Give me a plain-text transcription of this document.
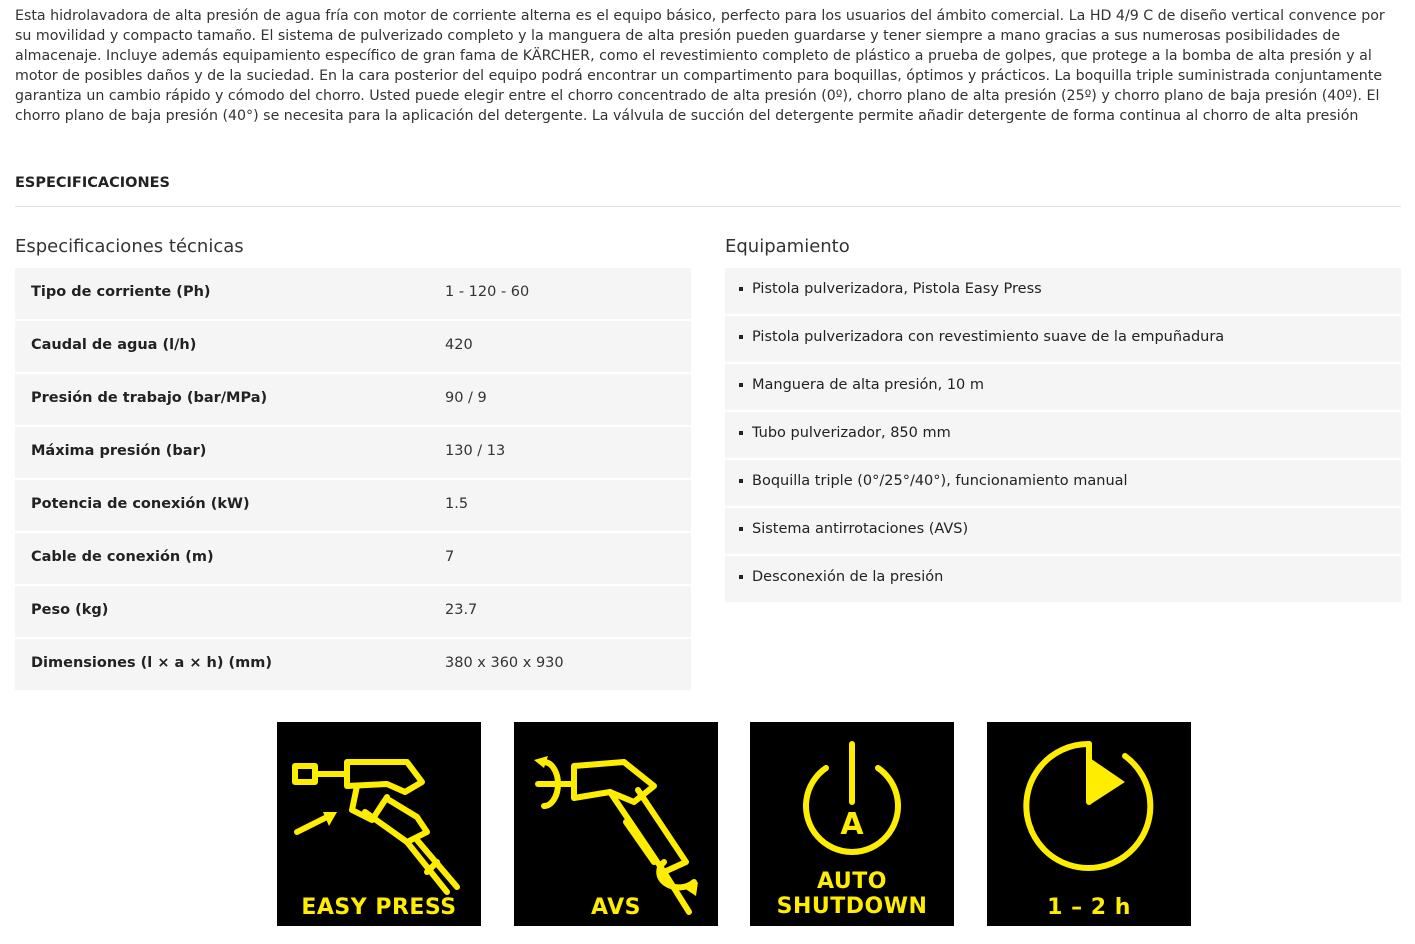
Esta hidrolavadora de alta presión de agua fría con motor de corriente alterna es el equipo básico, perfecto para los usuarios del ámbito comercial. La HD 4/9 C de diseño vertical convence por su movilidad y compacto tamaño. El sistema de pulverizado completo y la manguera de alta presión pueden guardarse y tener siempre a mano gracias a sus numerosas posibilidades de almacenaje. Incluye además equipamiento específico de gran fama de KÄRCHER, como el revestimiento completo de plástico a prueba de golpes, que protege a la bomba de alta presión y al motor de posibles daños y de la suciedad. En la cara posterior del equipo podrá encontrar un compartimento para boquillas, óptimos y prácticos. La boquilla triple suministrada conjuntamente garantiza un cambio rápido y cómodo del chorro. Usted puede elegir entre el chorro concentrado de alta presión (0º), chorro plano de alta presión (25º) y chorro plano de baja presión (40º). El chorro plano de baja presión (40°) se necesita para la aplicación del detergente. La válvula de succión del detergente permite añadir detergente de forma continua al chorro de alta presión

ESPECIFICACIONES
Especificaciones técnicas	Equipamiento
Tipo de corriente (Ph)	1 - 120 - 60
Caudal de agua (l/h)	420
Presión de trabajo (bar/MPa)	90 / 9
Máxima presión (bar)	130 / 13
Potencia de conexión (kW)	1.5
Cable de conexión (m)	7
Peso (kg)	23.7
Dimensiones (l × a × h) (mm)	380 x 360 x 930
Pistola pulverizadora, Pistola Easy Press
Pistola pulverizadora con revestimiento suave de la empuñadura
Manguera de alta presión, 10 m
Tubo pulverizador, 850 mm
Boquilla triple (0°/25°/40°), funcionamiento manual
Sistema antirrotaciones (AVS)
Desconexión de la presión
EASY PRESS	AVS
A
AUTO
SHUTDOWN	1 – 2 h
